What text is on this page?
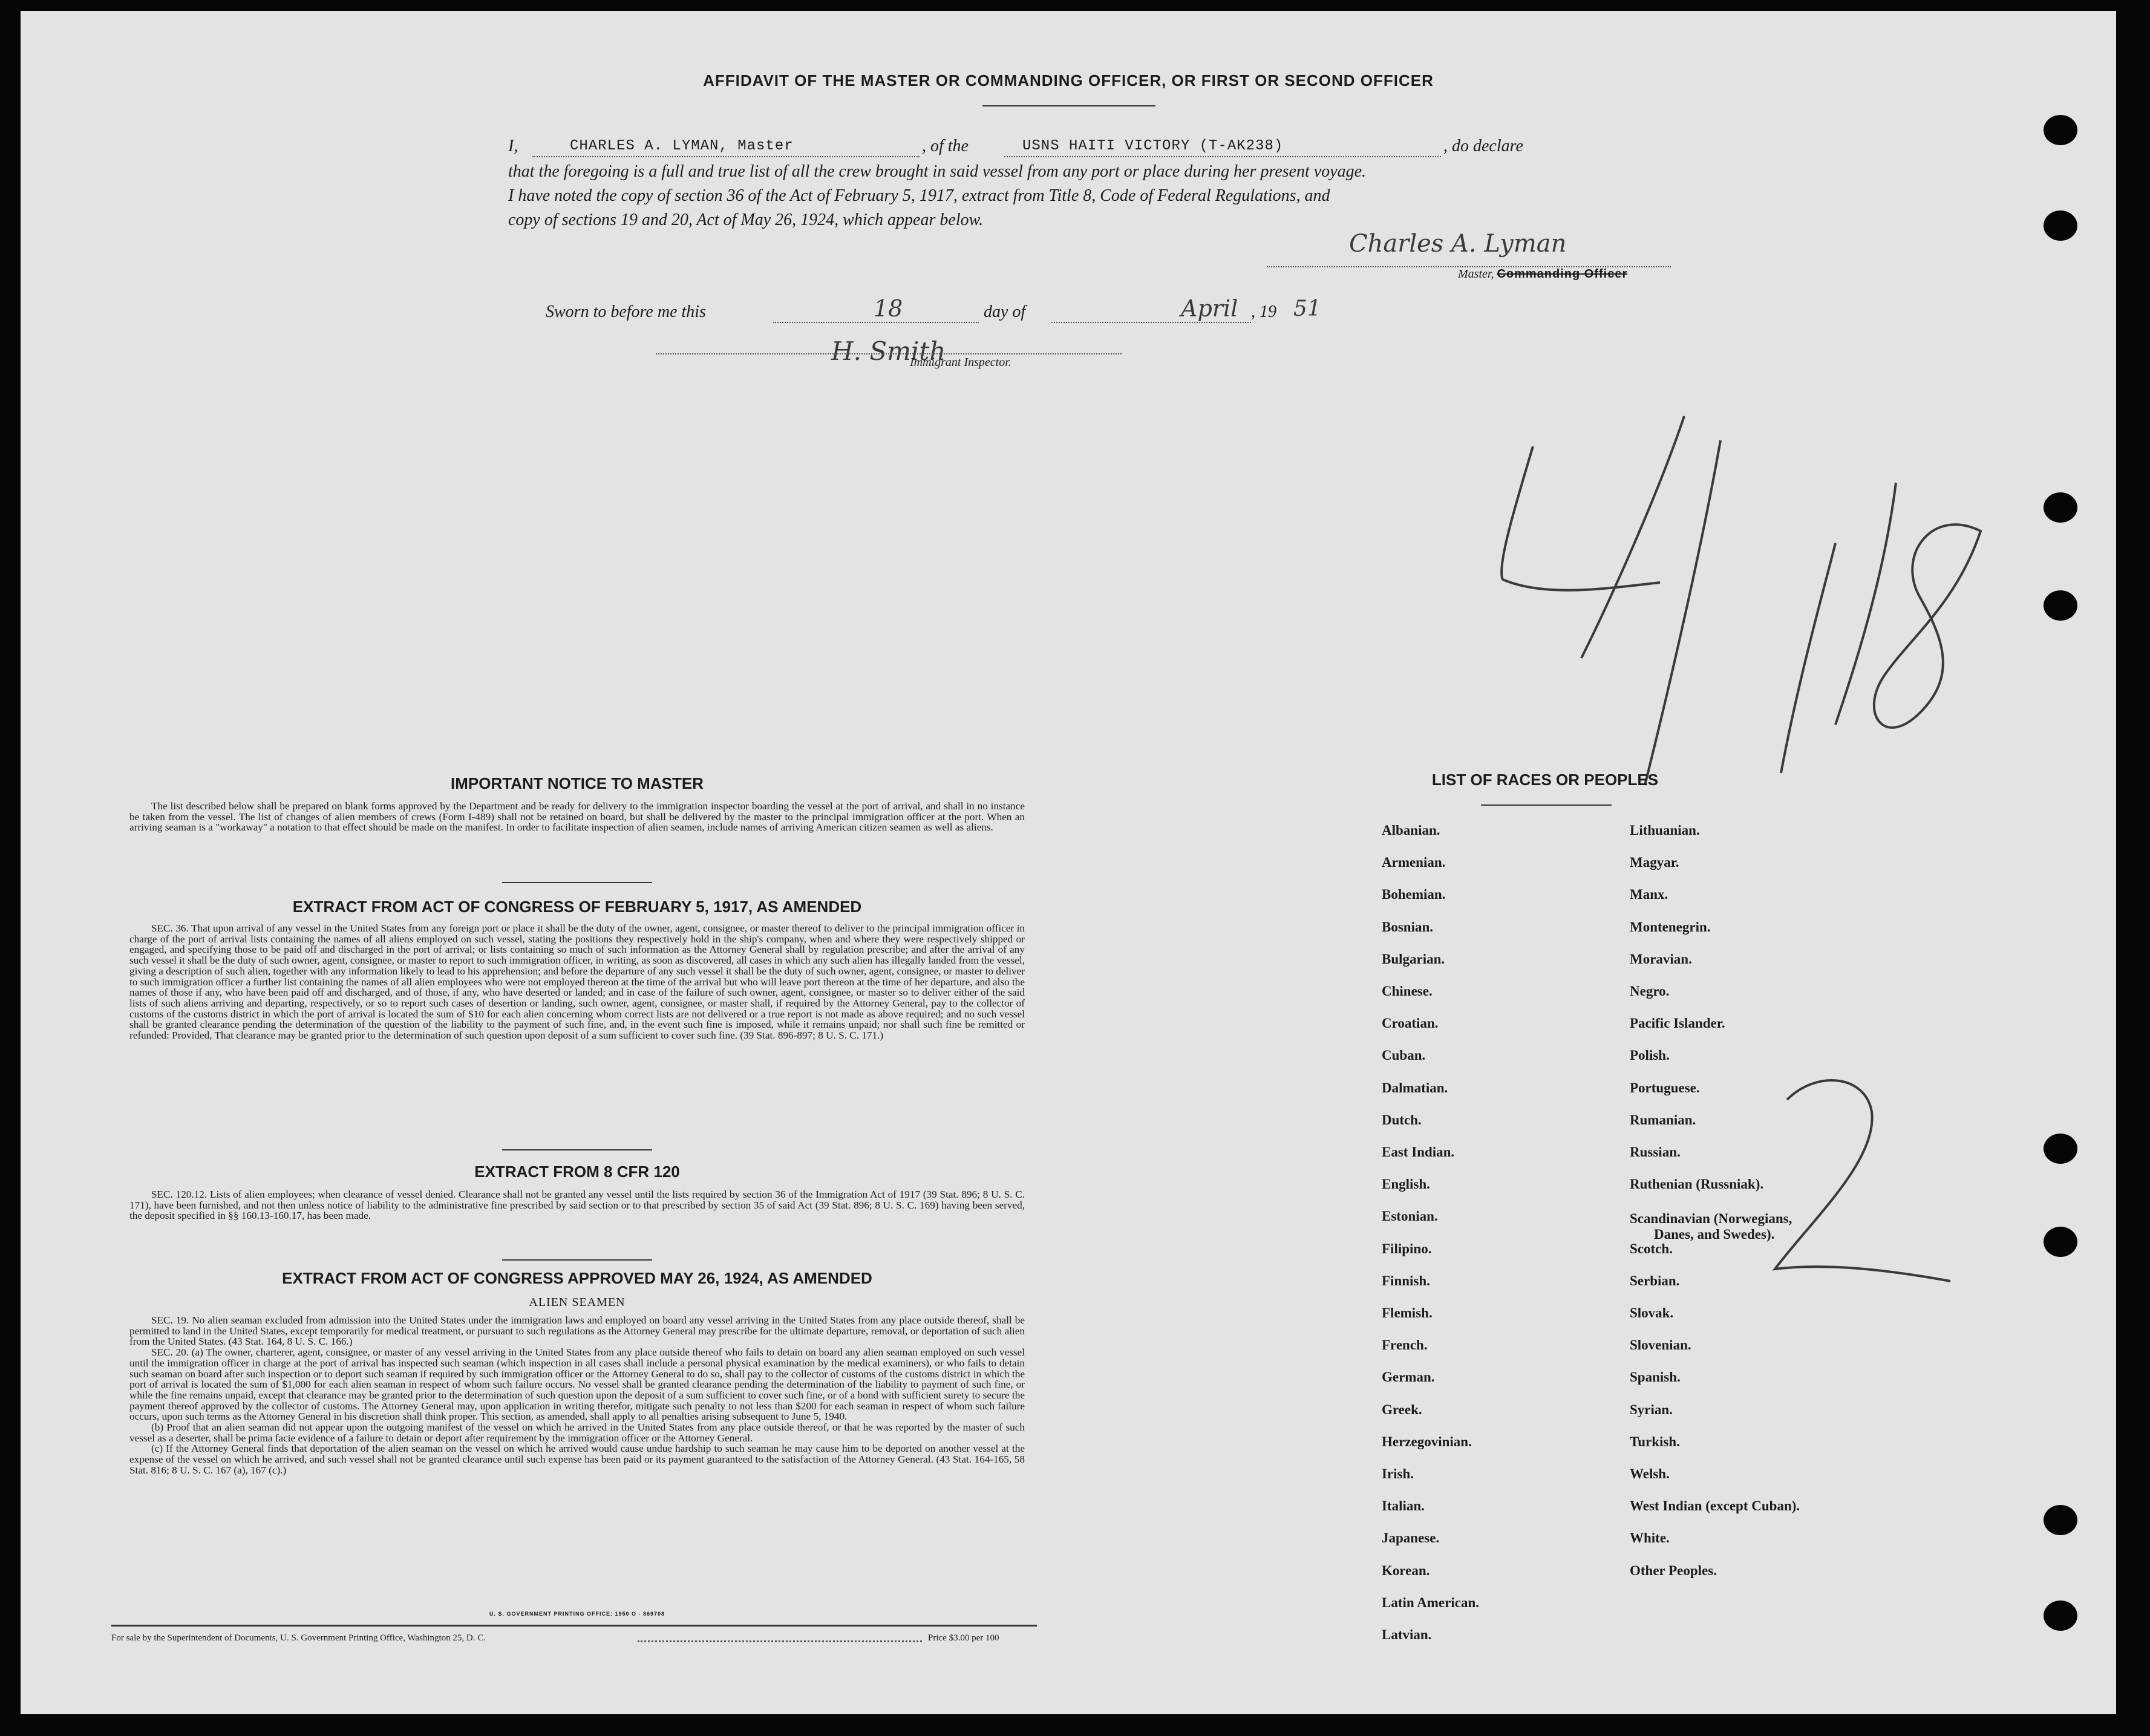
AFFIDAVIT OF THE MASTER OR COMMANDING OFFICER, OR FIRST OR SECOND OFFICER
I,	CHARLES A. LYMAN, Master	, of the	USNS HAITI VICTORY (T-AK238)	, do declare
that the foregoing is a full and true list of all the crew brought in said vessel from any port or place during her present voyage.
I have noted the copy of section 36 of the Act of February 5, 1917, extract from Title 8, Code of Federal Regulations, and
copy of sections 19 and 20, Act of May 26, 1924, which appear below.
Charles A. Lyman
Master, Commanding Officer
Sworn to before me this	18	day of	April , 19 51
H. Smith
Immigrant Inspector.
IMPORTANT NOTICE TO MASTER

The list described below shall be prepared on blank forms approved by the Department and be ready for delivery to the immigration inspector boarding the vessel at the port of arrival, and shall in no instance be taken from the vessel. The list of changes of alien members of crews (Form I-489) shall not be retained on board, but shall be delivered by the master to the principal immigration officer at the port. When an arriving seaman is a "workaway" a notation to that effect should be made on the manifest. In order to facilitate inspection of alien seamen, include names of arriving American citizen seamen as well as aliens.

EXTRACT FROM ACT OF CONGRESS OF FEBRUARY 5, 1917, AS AMENDED

SEC. 36. That upon arrival of any vessel in the United States from any foreign port or place it shall be the duty of the owner, agent, consignee, or master thereof to deliver to the principal immigration officer in charge of the port of arrival lists containing the names of all aliens employed on such vessel, stating the positions they respectively hold in the ship's company, when and where they were respectively shipped or engaged, and specifying those to be paid off and discharged in the port of arrival; or lists containing so much of such information as the Attorney General shall by regulation prescribe; and after the arrival of any such vessel it shall be the duty of such owner, agent, consignee, or master to report to such immigration officer, in writing, as soon as discovered, all cases in which any such alien has illegally landed from the vessel, giving a description of such alien, together with any information likely to lead to his apprehension; and before the departure of any such vessel it shall be the duty of such owner, agent, consignee, or master to deliver to such immigration officer a further list containing the names of all alien employees who were not employed thereon at the time of the arrival but who will leave port thereon at the time of her departure, and also the names of those if any, who have been paid off and discharged, and of those, if any, who have deserted or landed; and in case of the failure of such owner, agent, consignee, or master so to deliver either of the said lists of such aliens arriving and departing, respectively, or so to report such cases of desertion or landing, such owner, agent, consignee, or master shall, if required by the Attorney General, pay to the collector of customs of the customs district in which the port of arrival is located the sum of $10 for each alien concerning whom correct lists are not delivered or a true report is not made as above required; and no such vessel shall be granted clearance pending the determination of the question of the liability to the payment of such fine, and, in the event such fine is imposed, while it remains unpaid; nor shall such fine be remitted or refunded: Provided, That clearance may be granted prior to the determination of such question upon deposit of a sum sufficient to cover such fine. (39 Stat. 896-897; 8 U. S. C. 171.)

EXTRACT FROM 8 CFR 120

SEC. 120.12. Lists of alien employees; when clearance of vessel denied. Clearance shall not be granted any vessel until the lists required by section 36 of the Immigration Act of 1917 (39 Stat. 896; 8 U. S. C. 171), have been furnished, and not then unless notice of liability to the administrative fine prescribed by said section or to that prescribed by section 35 of said Act (39 Stat. 896; 8 U. S. C. 169) having been served, the deposit specified in §§ 160.13-160.17, has been made.

EXTRACT FROM ACT OF CONGRESS APPROVED MAY 26, 1924, AS AMENDED
ALIEN SEAMEN

SEC. 19. No alien seaman excluded from admission into the United States under the immigration laws and employed on board any vessel arriving in the United States from any place outside thereof, shall be permitted to land in the United States, except temporarily for medical treatment, or pursuant to such regulations as the Attorney General may prescribe for the ultimate departure, removal, or deportation of such alien from the United States. (43 Stat. 164, 8 U. S. C. 166.)

SEC. 20. (a) The owner, charterer, agent, consignee, or master of any vessel arriving in the United States from any place outside thereof who fails to detain on board any alien seaman employed on such vessel until the immigration officer in charge at the port of arrival has inspected such seaman (which inspection in all cases shall include a personal physical examination by the medical examiners), or who fails to detain such seaman on board after such inspection or to deport such seaman if required by such immigration officer or the Attorney General to do so, shall pay to the collector of customs of the customs district in which the port of arrival is located the sum of $1,000 for each alien seaman in respect of whom such failure occurs. No vessel shall be granted clearance pending the determination of the liability to payment of such fine, or while the fine remains unpaid, except that clearance may be granted prior to the determination of such question upon the deposit of a sum sufficient to cover such fine, or of a bond with sufficient surety to secure the payment thereof approved by the collector of customs. The Attorney General may, upon application in writing therefor, mitigate such penalty to not less than $200 for each seaman in respect of whom such failure occurs, upon such terms as the Attorney General in his discretion shall think proper. This section, as amended, shall apply to all penalties arising subsequent to June 5, 1940.

(b) Proof that an alien seaman did not appear upon the outgoing manifest of the vessel on which he arrived in the United States from any place outside thereof, or that he was reported by the master of such vessel as a deserter, shall be prima facie evidence of a failure to detain or deport after requirement by the immigration officer or the Attorney General.

(c) If the Attorney General finds that deportation of the alien seaman on the vessel on which he arrived would cause undue hardship to such seaman he may cause him to be deported on another vessel at the expense of the vessel on which he arrived, and such vessel shall not be granted clearance until such expense has been paid or its payment guaranteed to the satisfaction of the Attorney General. (43 Stat. 164-165, 58 Stat. 816; 8 U. S. C. 167 (a), 167 (c).)

U. S. GOVERNMENT PRINTING OFFICE: 1950 O - 869708
For sale by the Superintendent of Documents, U. S. Government Printing Office, Washington 25, D. C.	Price $3.00 per 100
LIST OF RACES OR PEOPLES
Albanian.
Armenian.
Bohemian.
Bosnian.
Bulgarian.
Chinese.
Croatian.
Cuban.
Dalmatian.
Dutch.
East Indian.
English.
Estonian.
Filipino.
Finnish.
Flemish.
French.
German.
Greek.
Herzegovinian.
Irish.
Italian.
Japanese.
Korean.
Latin American.
Latvian.
Lithuanian.
Magyar.
Manx.
Montenegrin.
Moravian.
Negro.
Pacific Islander.
Polish.
Portuguese.
Rumanian.
Russian.
Ruthenian (Russniak).
Scandinavian (Norwegians,
Danes, and Swedes).
Scotch.
Serbian.
Slovak.
Slovenian.
Spanish.
Syrian.
Turkish.
Welsh.
West Indian (except Cuban).
White.
Other Peoples.
